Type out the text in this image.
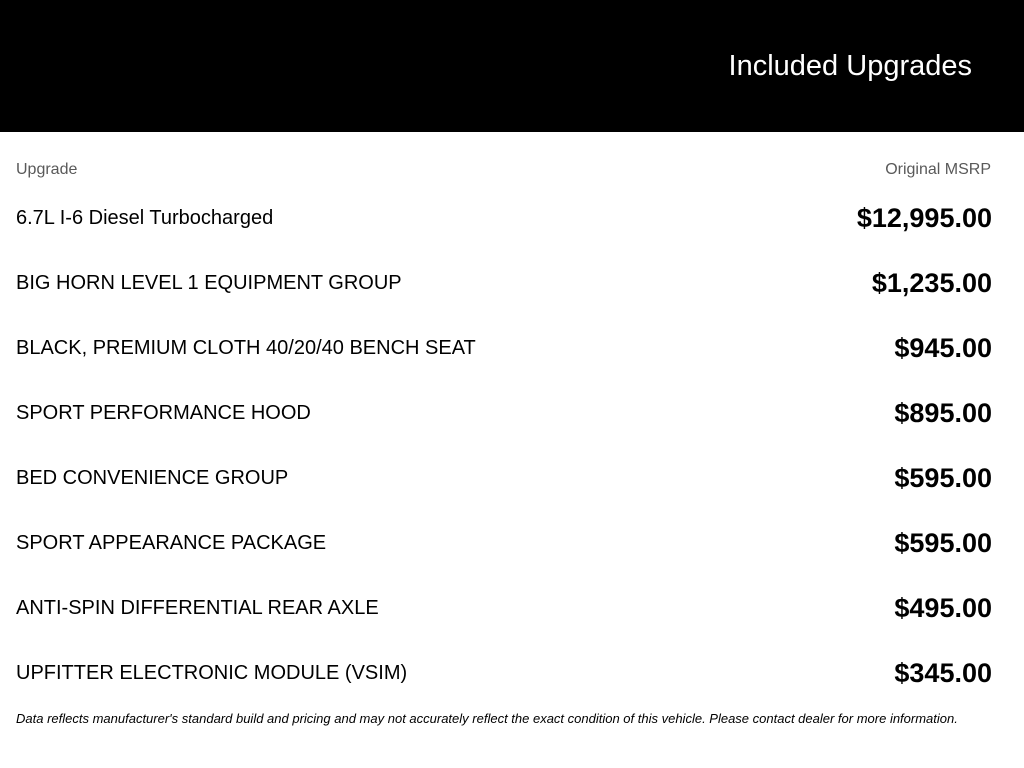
Included Upgrades
Upgrade	Original MSRP
6.7L I-6 Diesel Turbocharged	$12,995.00
BIG HORN LEVEL 1 EQUIPMENT GROUP	$1,235.00
BLACK, PREMIUM CLOTH 40/20/40 BENCH SEAT	$945.00
SPORT PERFORMANCE HOOD	$895.00
BED CONVENIENCE GROUP	$595.00
SPORT APPEARANCE PACKAGE	$595.00
ANTI-SPIN DIFFERENTIAL REAR AXLE	$495.00
UPFITTER ELECTRONIC MODULE (VSIM)	$345.00
Data reflects manufacturer's standard build and pricing and may not accurately reflect the exact condition of this vehicle. Please contact dealer for more information.
